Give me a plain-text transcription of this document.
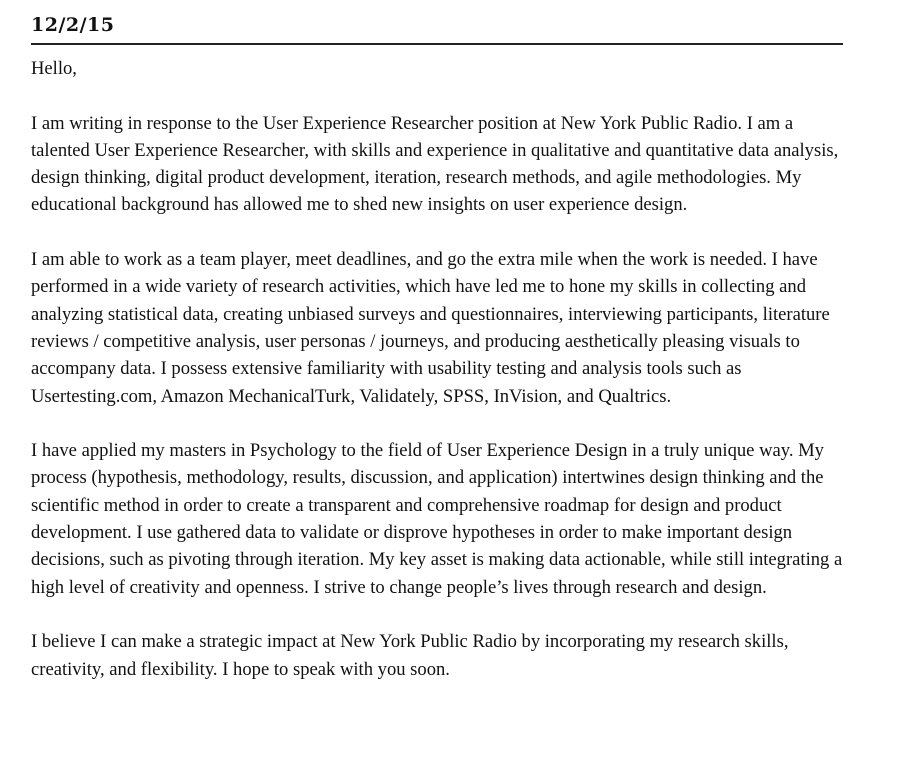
12/2/15

Hello,

I am writing in response to the User Experience Researcher position at New York Public Radio. I am a talented User Experience Researcher, with skills and experience in qualitative and quantitative data analysis, design thinking, digital product development, iteration, research methods, and agile methodologies. My educational background has allowed me to shed new insights on user experience design.

I am able to work as a team player, meet deadlines, and go the extra mile when the work is needed. I have performed in a wide variety of research activities, which have led me to hone my skills in collecting and analyzing statistical data, creating unbiased surveys and questionnaires, interviewing participants, literature reviews / competitive analysis, user personas / journeys, and producing aesthetically pleasing visuals to accompany data. I possess extensive familiarity with usability testing and analysis tools such as Usertesting.com, Amazon MechanicalTurk, Validately, SPSS, InVision, and Qualtrics.

I have applied my masters in Psychology to the field of User Experience Design in a truly unique way. My process (hypothesis, methodology, results, discussion, and application) intertwines design thinking and the scientific method in order to create a transparent and comprehensive roadmap for design and product development. I use gathered data to validate or disprove hypotheses in order to make important design decisions, such as pivoting through iteration. My key asset is making data actionable, while still integrating a high level of creativity and openness. I strive to change people’s lives through research and design.

I believe I can make a strategic impact at New York Public Radio by incorporating my research skills, creativity, and flexibility. I hope to speak with you soon.
